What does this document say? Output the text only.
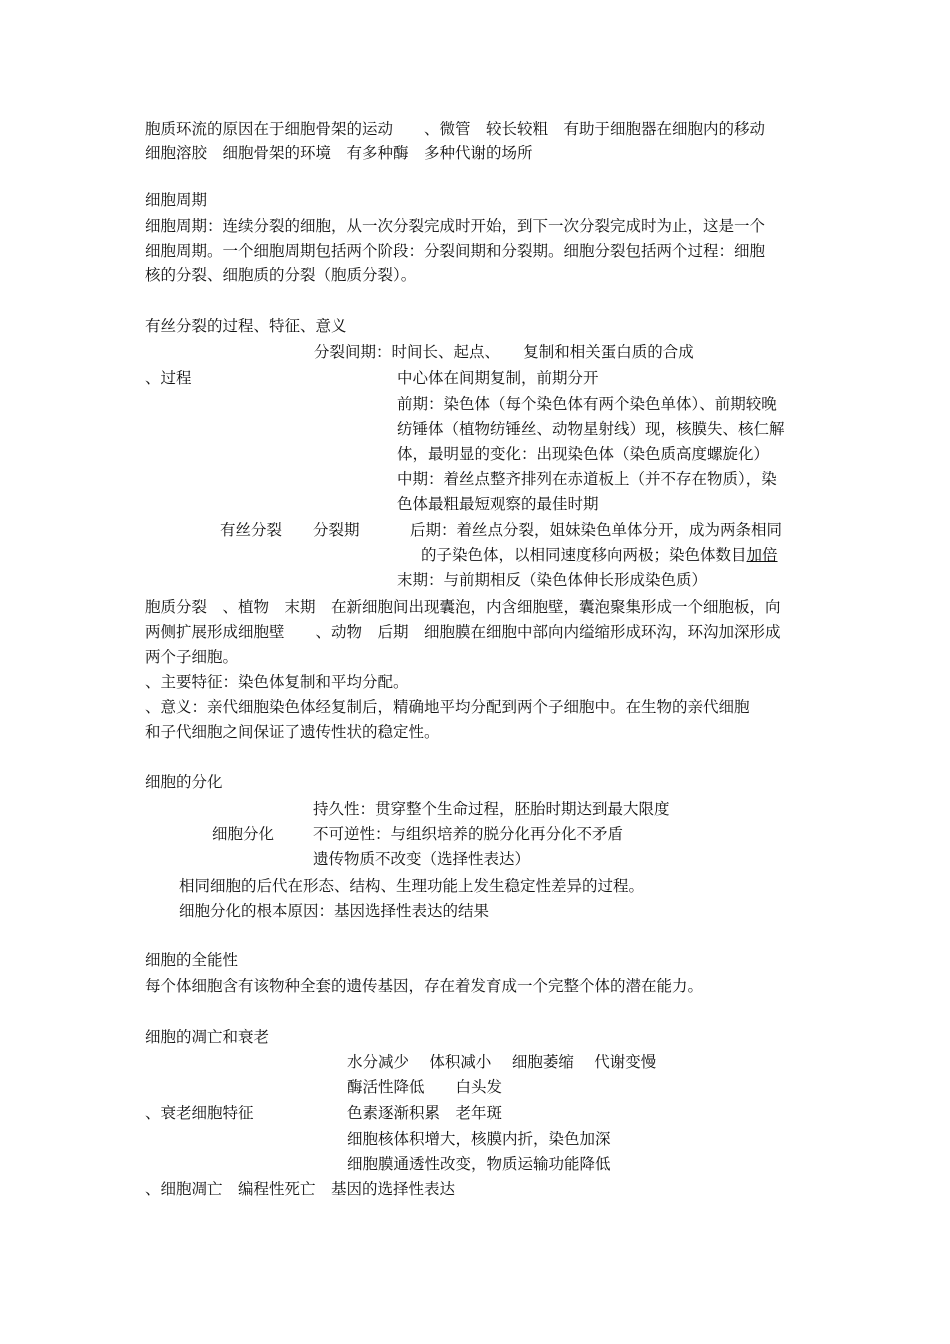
胞质环流的原因在于细胞骨架的运动　　、微管　较长较粗　有助于细胞器在细胞内的移动
细胞溶胶　细胞骨架的环境　有多种酶　多种代谢的场所
细胞周期
细胞周期：连续分裂的细胞，从一次分裂完成时开始，到下一次分裂完成时为止，这是一个
细胞周期。一个细胞周期包括两个阶段：分裂间期和分裂期。细胞分裂包括两个过程：细胞
核的分裂、细胞质的分裂（胞质分裂）。
有丝分裂的过程、特征、意义
分裂间期：时间长、起点、　　复制和相关蛋白质的合成
、过程	中心体在间期复制，前期分开
前期：染色体（每个染色体有两个染色单体）、前期较晚
纺锤体（植物纺锤丝、动物星射线）现，核膜失、核仁解
体，最明显的变化：出现染色体（染色质高度螺旋化）
中期：着丝点整齐排列在赤道板上（并不存在物质），染
色体最粗最短观察的最佳时期
有丝分裂 分裂期	后期：着丝点分裂，姐妹染色单体分开，成为两条相同
的子染色体，以相同速度移向两极；染色体数目加倍
末期：与前期相反（染色体伸长形成染色质）
胞质分裂　、植物　末期　在新细胞间出现囊泡，内含细胞壁，囊泡聚集形成一个细胞板，向
两侧扩展形成细胞壁　　、动物　后期　细胞膜在细胞中部向内缢缩形成环沟，环沟加深形成
两个子细胞。
、主要特征：染色体复制和平均分配。
、意义：亲代细胞染色体经复制后，精确地平均分配到两个子细胞中。在生物的亲代细胞
和子代细胞之间保证了遗传性状的稳定性。
细胞的分化
持久性：贯穿整个生命过程，胚胎时期达到最大限度
细胞分化	不可逆性：与组织培养的脱分化再分化不矛盾
遗传物质不改变（选择性表达）
相同细胞的后代在形态、结构、生理功能上发生稳定性差异的过程。
细胞分化的根本原因：基因选择性表达的结果
细胞的全能性
每个体细胞含有该物种全套的遗传基因，存在着发育成一个完整个体的潜在能力。
细胞的凋亡和衰老
水分减少　 体积减小　 细胞萎缩　 代谢变慢
酶活性降低　　白头发
、衰老细胞特征	色素逐渐积累　老年斑
细胞核体积增大，核膜内折，染色加深
细胞膜通透性改变，物质运输功能降低
、细胞凋亡　编程性死亡　基因的选择性表达
